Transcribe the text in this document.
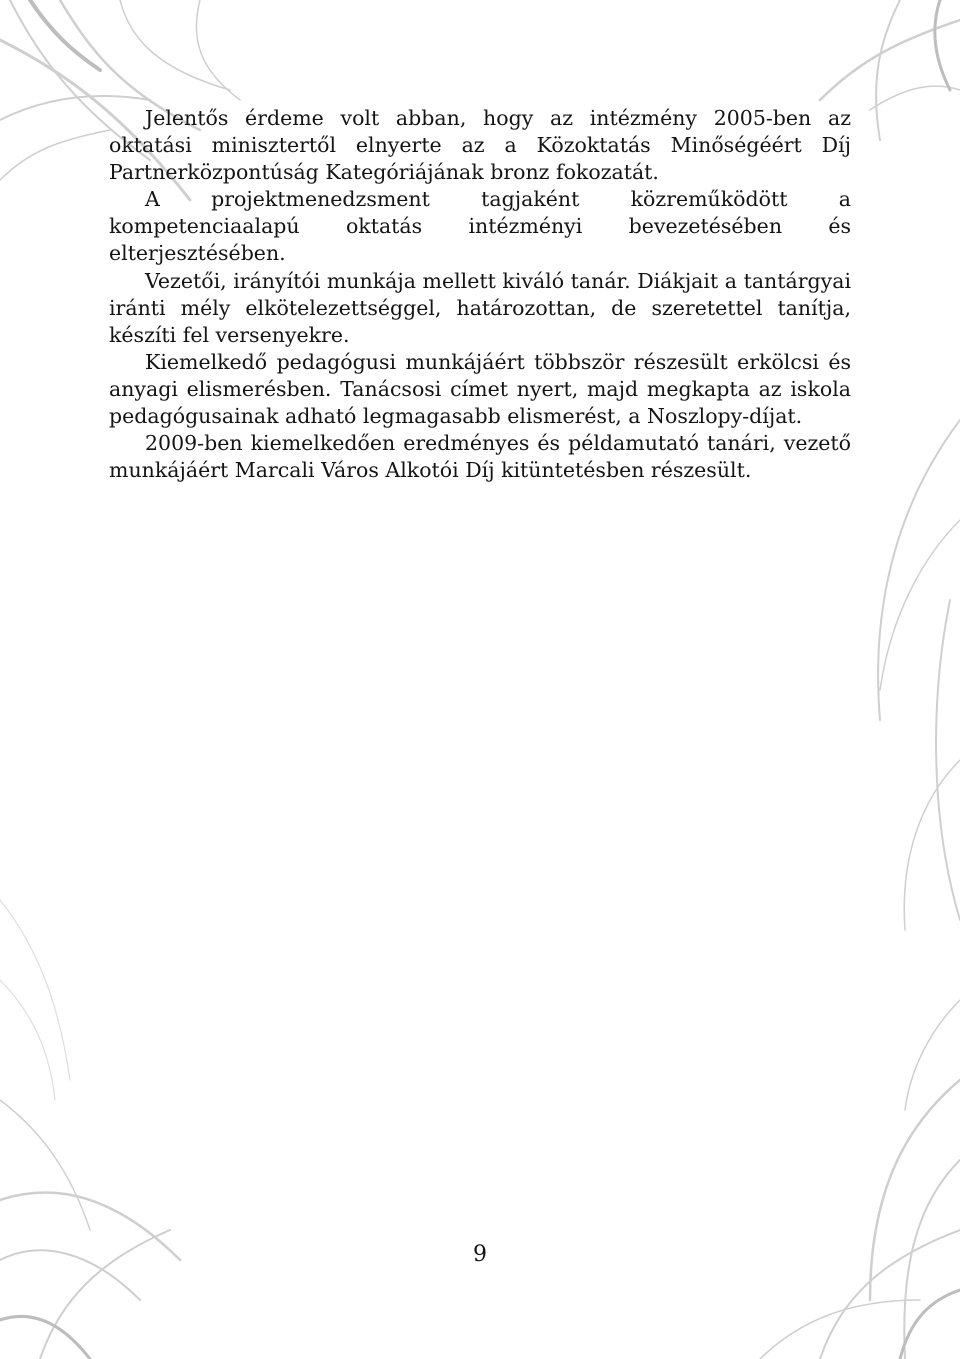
Jelentős érdeme volt abban, hogy az intézmény 2005-ben az oktatási minisztertől elnyerte az a Közoktatás Minőségéért Díj Partnerközpontúság Kategóriájának bronz fokozatát.

A projektmenedzsment tagjaként közreműködött a kompetenciaalapú oktatás intézményi bevezetésében és elterjesztésében.

Vezetői, irányítói munkája mellett kiváló tanár. Diákjait a tantárgyai iránti mély elkötelezettséggel, határozottan, de szeretettel tanítja, készíti fel versenyekre.

Kiemelkedő pedagógusi munkájáért többször részesült erkölcsi és anyagi elismerésben. Tanácsosi címet nyert, majd megkapta az iskola pedagógusainak adható legmagasabb elismerést, a Noszlopy-díjat.

2009-ben kiemelkedően eredményes és példamutató tanári, vezető munkájáért Marcali Város Alkotói Díj kitüntetésben részesült.

9
